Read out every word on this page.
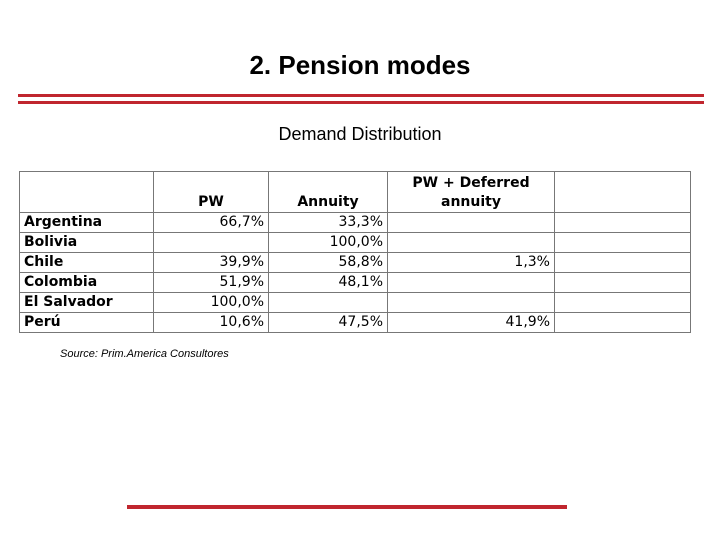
2. Pension modes
Demand Distribution
	PW	Annuity	PW + Deferred annuity	
Argentina	66,7%	33,3%		
Bolivia		100,0%		
Chile	39,9%	58,8%	1,3%	
Colombia	51,9%	48,1%		
El Salvador	100,0%			
Perú	10,6%	47,5%	41,9%	
Source: Prim.America Consultores
